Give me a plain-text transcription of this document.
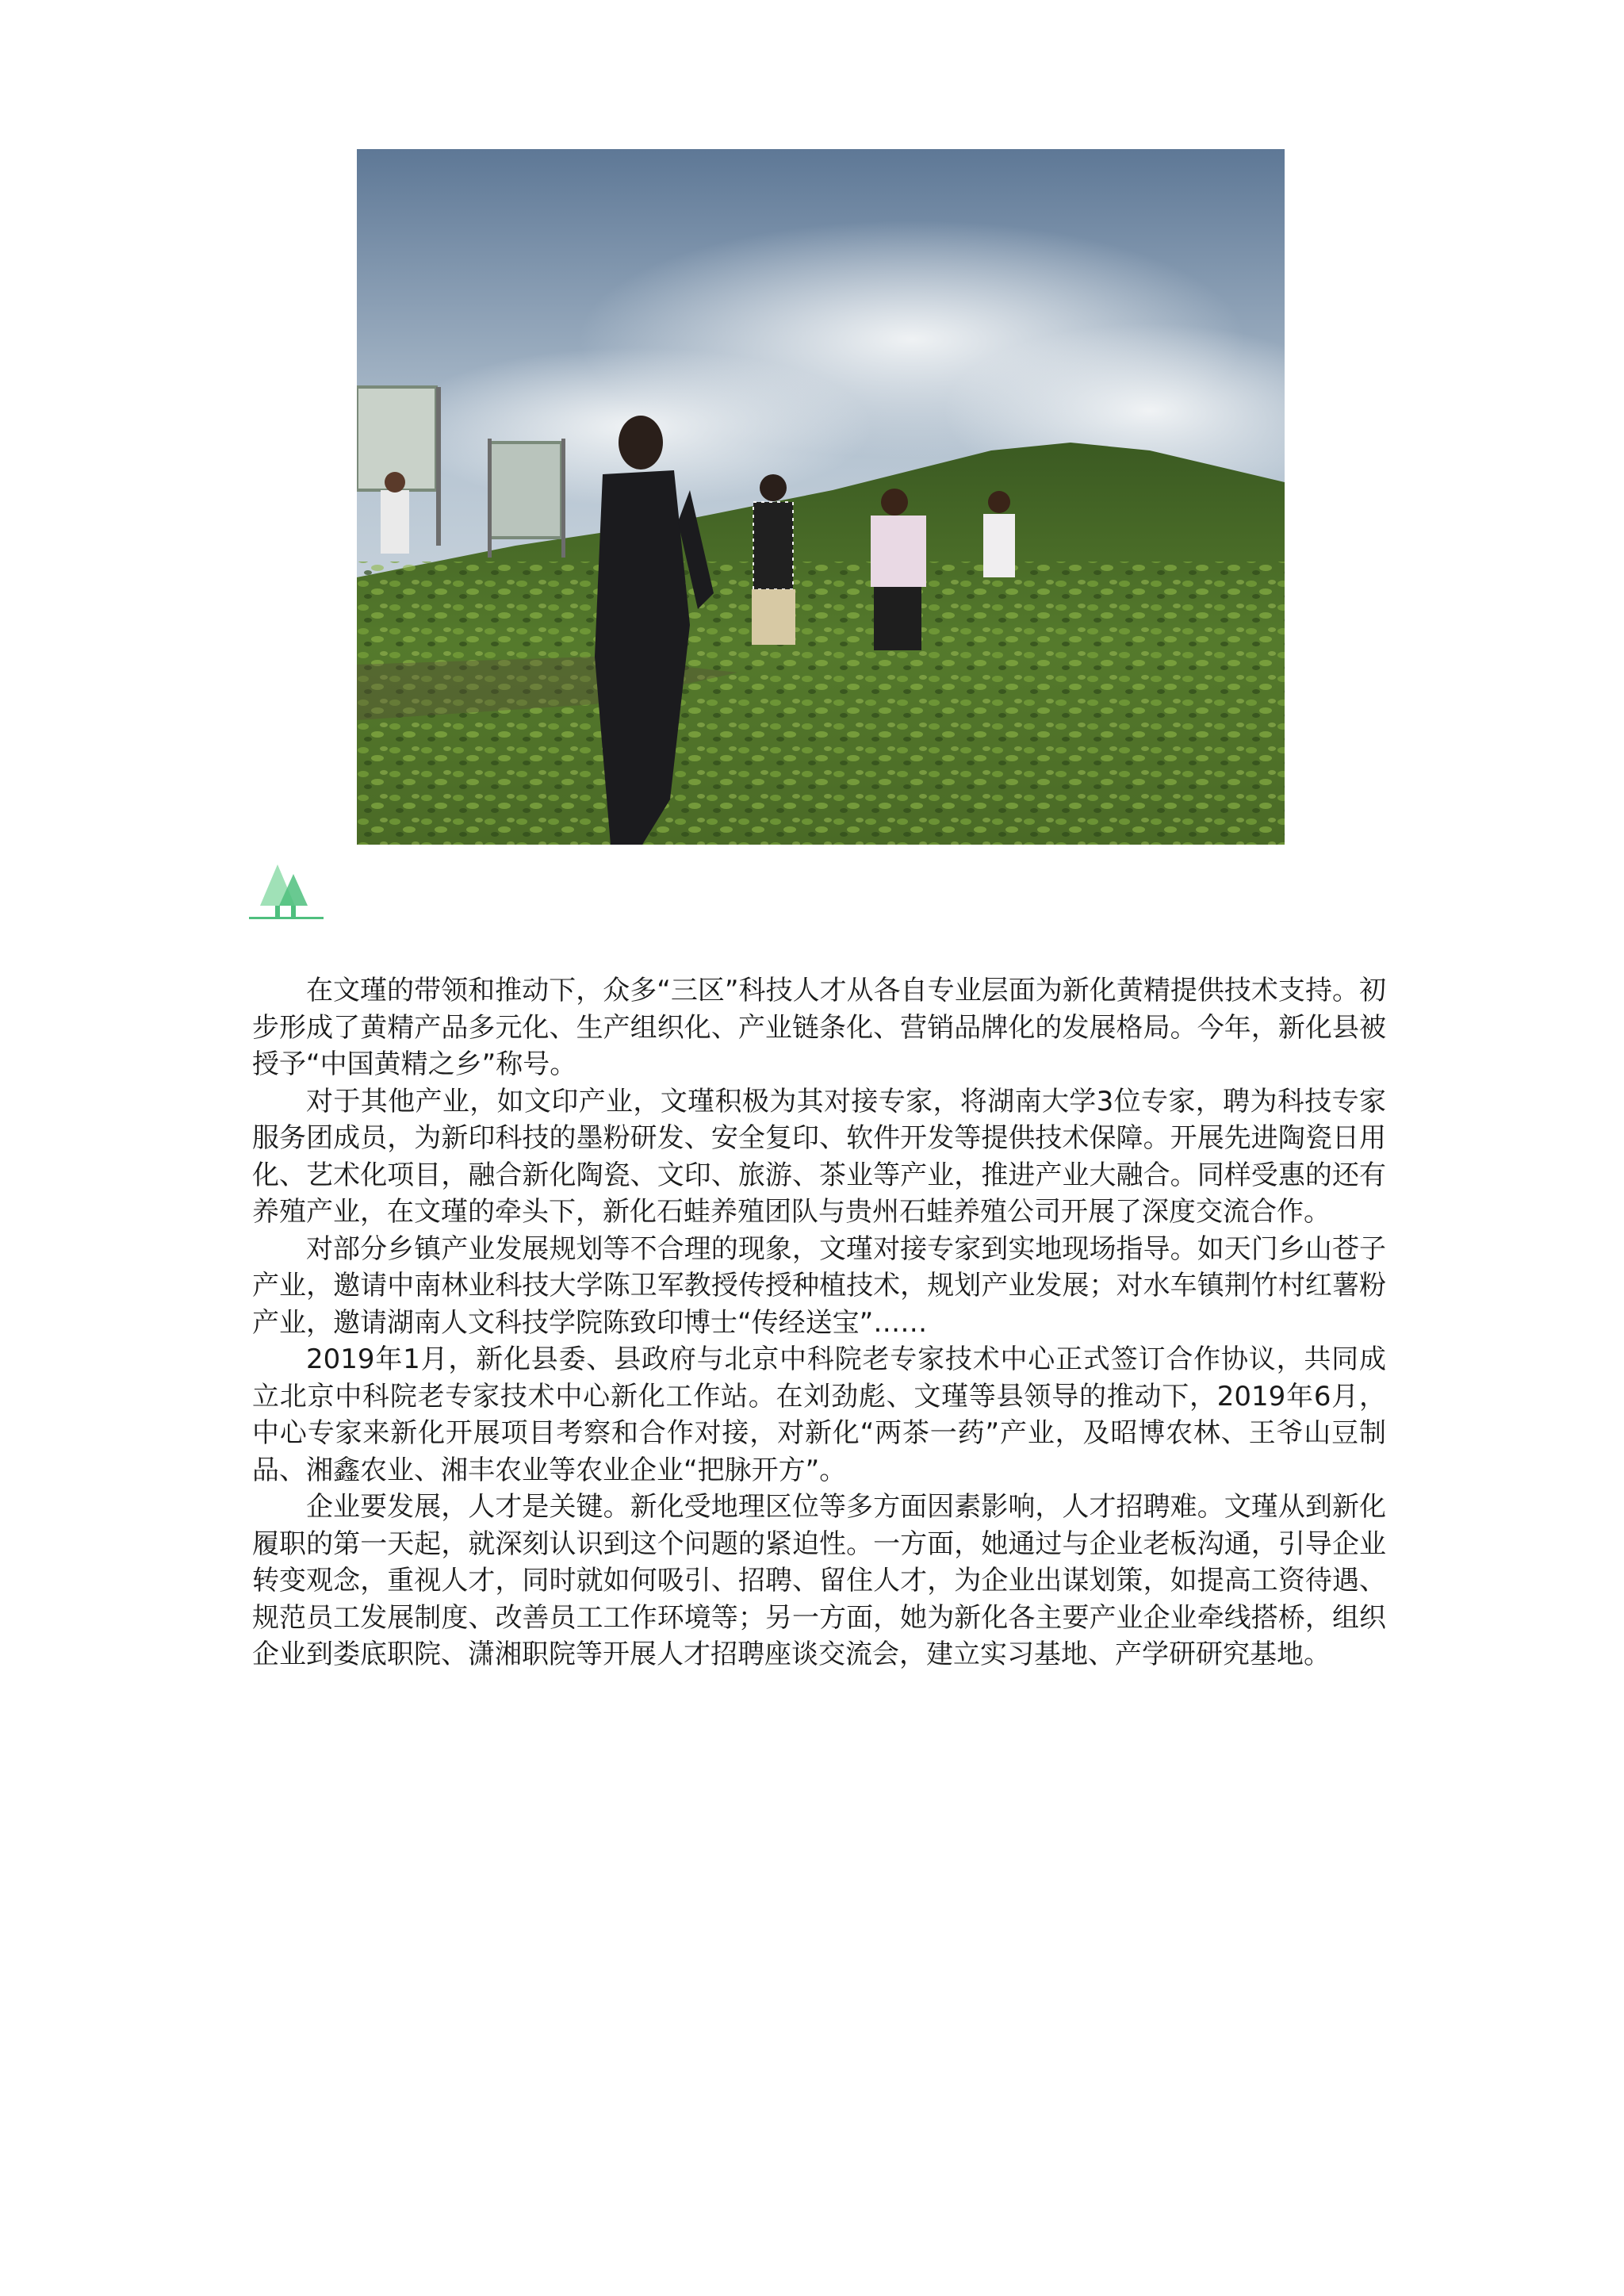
在文瑾的带领和推动下，众多“三区”科技人才从各自专业层面为新化黄精提供技术支持。初步形成了黄精产品多元化、生产组织化、产业链条化、营销品牌化的发展格局。今年，新化县被授予“中国黄精之乡”称号。

对于其他产业，如文印产业，文瑾积极为其对接专家，将湖南大学3位专家，聘为科技专家服务团成员，为新印科技的墨粉研发、安全复印、软件开发等提供技术保障。开展先进陶瓷日用化、艺术化项目，融合新化陶瓷、文印、旅游、茶业等产业，推进产业大融合。同样受惠的还有养殖产业，在文瑾的牵头下，新化石蛙养殖团队与贵州石蛙养殖公司开展了深度交流合作。

对部分乡镇产业发展规划等不合理的现象，文瑾对接专家到实地现场指导。如天门乡山苍子产业，邀请中南林业科技大学陈卫军教授传授种植技术，规划产业发展；对水车镇荆竹村红薯粉产业，邀请湖南人文科技学院陈致印博士“传经送宝”……

2019年1月，新化县委、县政府与北京中科院老专家技术中心正式签订合作协议，共同成立北京中科院老专家技术中心新化工作站。在刘劲彪、文瑾等县领导的推动下，2019年6月，中心专家来新化开展项目考察和合作对接，对新化“两茶一药”产业，及昭博农林、王爷山豆制品、湘鑫农业、湘丰农业等农业企业“把脉开方”。

企业要发展，人才是关键。新化受地理区位等多方面因素影响，人才招聘难。文瑾从到新化履职的第一天起，就深刻认识到这个问题的紧迫性。一方面，她通过与企业老板沟通，引导企业转变观念，重视人才，同时就如何吸引、招聘、留住人才，为企业出谋划策，如提高工资待遇、规范员工发展制度、改善员工工作环境等；另一方面，她为新化各主要产业企业牵线搭桥，组织企业到娄底职院、潇湘职院等开展人才招聘座谈交流会，建立实习基地、产学研研究基地。
